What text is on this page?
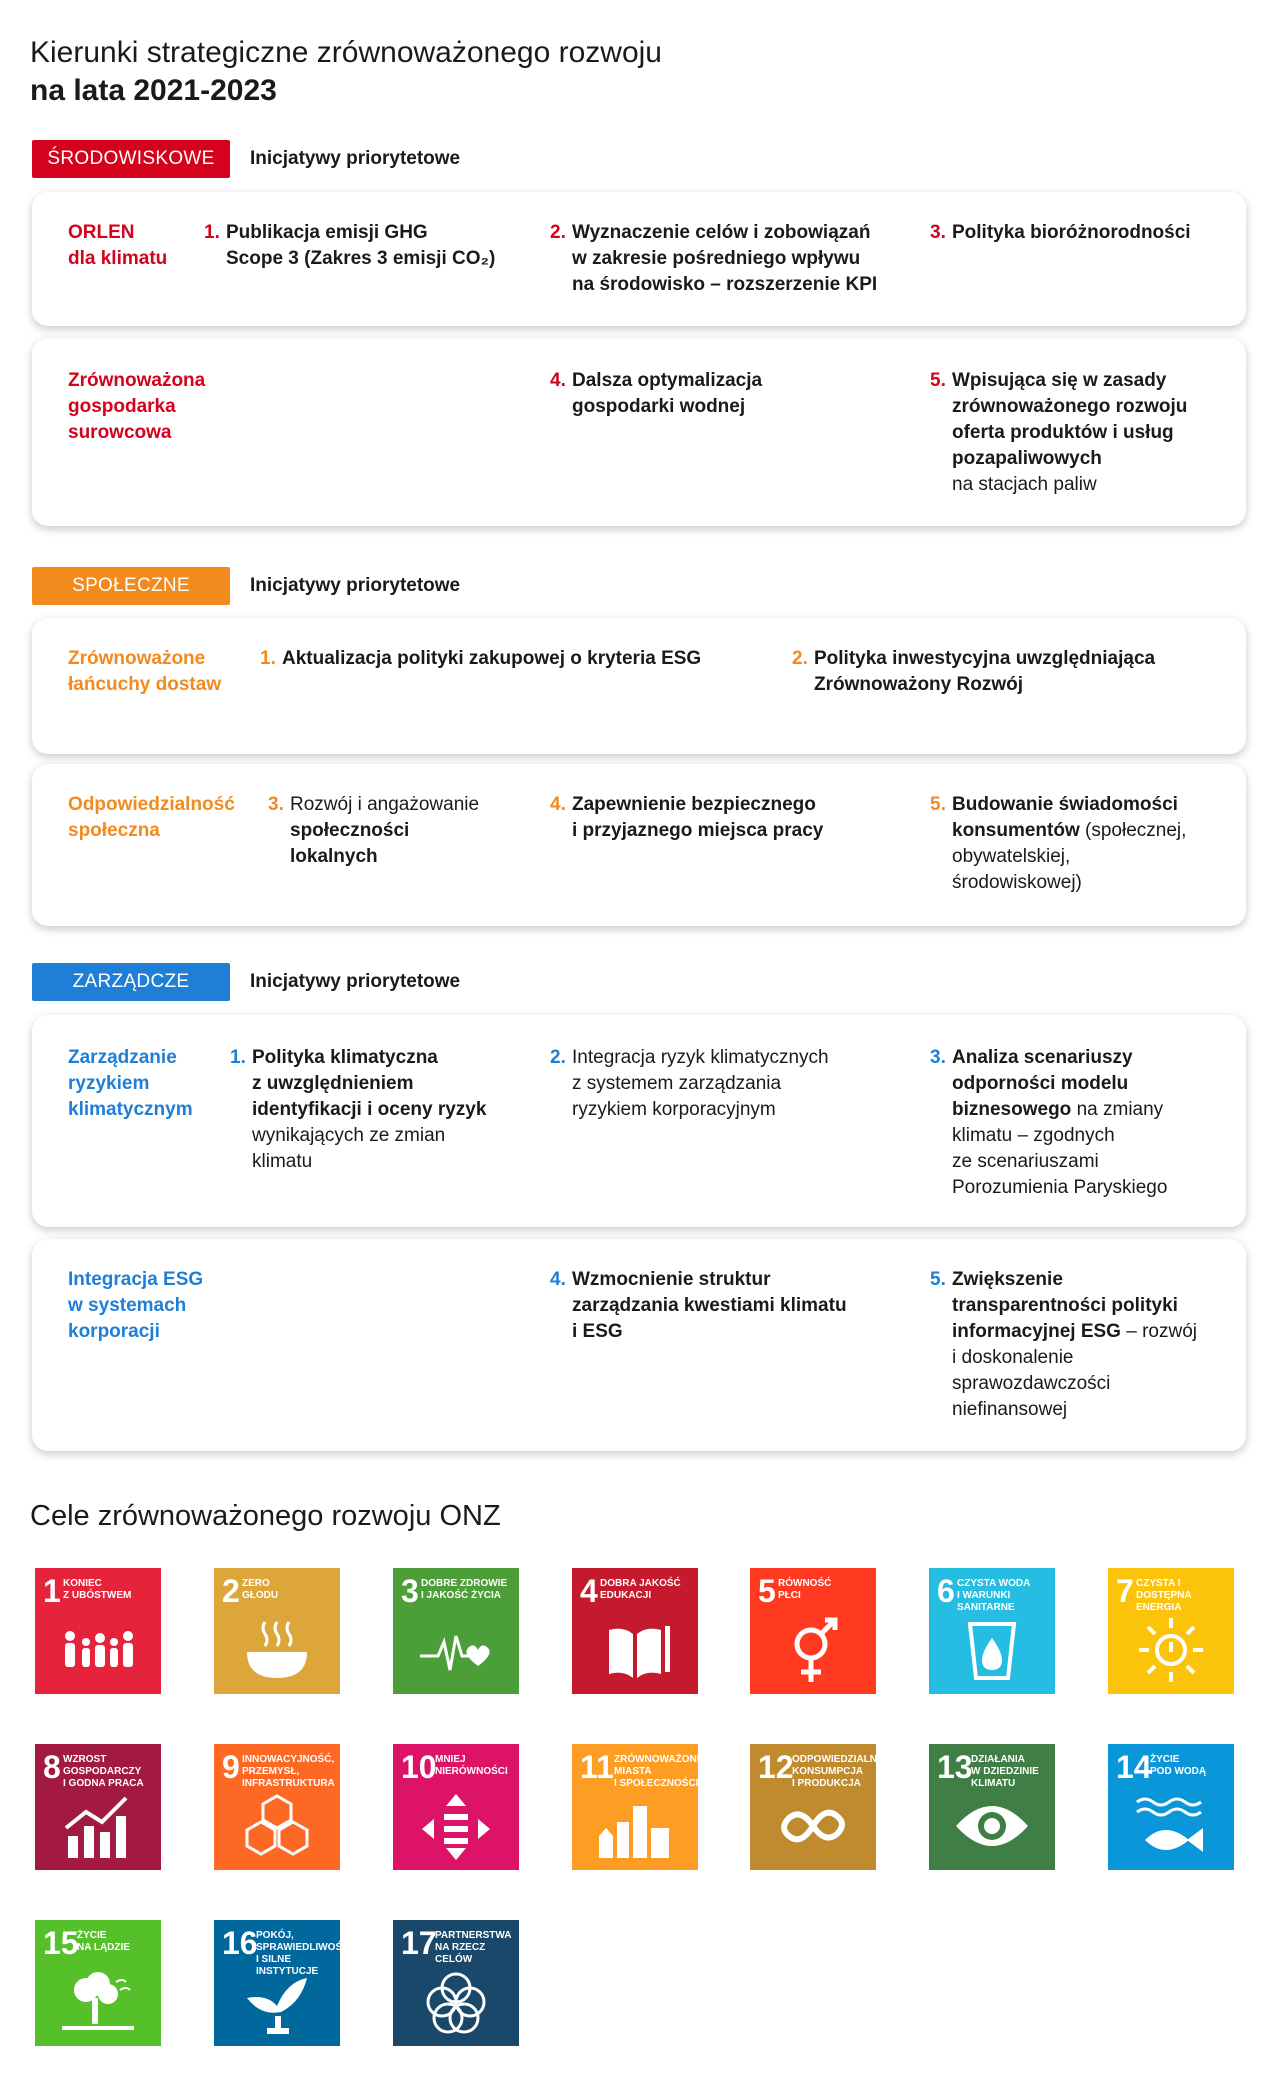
Kierunki strategiczne zrównoważonego rozwoju
na lata 2021-2023
ŚRODOWISKOWE	Inicjatywy priorytetowe
ORLEN
dla klimatu
1. Publikacja emisji GHG
Scope 3 (Zakres 3 emisji CO₂)
2. Wyznaczenie celów i zobowiązań
w zakresie pośredniego wpływu
na środowisko – rozszerzenie KPI
3. Polityka bioróżnorodności
Zrównoważona
gospodarka
surowcowa
4. Dalsza optymalizacja
gospodarki wodnej
5. Wpisująca się w zasady
zrównoważonego rozwoju
oferta produktów i usług
pozapaliwowych
na stacjach paliw
SPOŁECZNE	Inicjatywy priorytetowe
Zrównoważone
łańcuchy dostaw
1. Aktualizacja polityki zakupowej o kryteria ESG	2. Polityka inwestycyjna uwzględniająca
Zrównoważony Rozwój
Odpowiedzialność
społeczna
3. Rozwój i angażowanie
społeczności
lokalnych
4. Zapewnienie bezpiecznego
i przyjaznego miejsca pracy
5. Budowanie świadomości
konsumentów (społecznej,
obywatelskiej,
środowiskowej)
ZARZĄDCZE	Inicjatywy priorytetowe
Zarządzanie
ryzykiem
klimatycznym
1. Polityka klimatyczna
z uwzględnieniem
identyfikacji i oceny ryzyk
wynikających ze zmian
klimatu
2. Integracja ryzyk klimatycznych
z systemem zarządzania
ryzykiem korporacyjnym
3. Analiza scenariuszy
odporności modelu
biznesowego na zmiany
klimatu – zgodnych
ze scenariuszami
Porozumienia Paryskiego
Integracja ESG
w systemach
korporacji
4. Wzmocnienie struktur
zarządzania kwestiami klimatu
i ESG
5. Zwiększenie
transparentności polityki
informacyjnej ESG – rozwój
i doskonalenie
sprawozdawczości
niefinansowej
Cele zrównoważonego rozwoju ONZ
1 KONIEC
Z UBÓSTWEM	2 ZERO
GŁODU	3 DOBRE ZDROWIE
I JAKOŚĆ ŻYCIA 4 DOBRA JAKOŚĆ
EDUKACJI	5 RÓWNOŚĆ
PŁCI	6 CZYSTA WODA
I WARUNKI
SANITARNE	7 CZYSTA I DOSTĘPNA
ENERGIA
8 WZROST
GOSPODARCZY
I GODNA PRACA 9 INNOWACYJNOŚĆ,
PRZEMYSŁ,
INFRASTRUKTURA 10
MNIEJ
NIERÓWNOŚCI 11 ZRÓWNOWAŻONE
MIASTA
I SPOŁECZNOŚCI 12
ODPOWIEDZIALNA
KONSUMPCJA
I PRODUKCJA	13
DZIAŁANIA
W DZIEDZINIE
KLIMATU	14
ŻYCIE
POD WODĄ
15
ŻYCIE
NA LĄDZIE	16
POKÓJ,
SPRAWIEDLIWOŚĆ
I SILNE INSTYTUCJE
17
PARTNERSTWA
NA RZECZ CELÓW
